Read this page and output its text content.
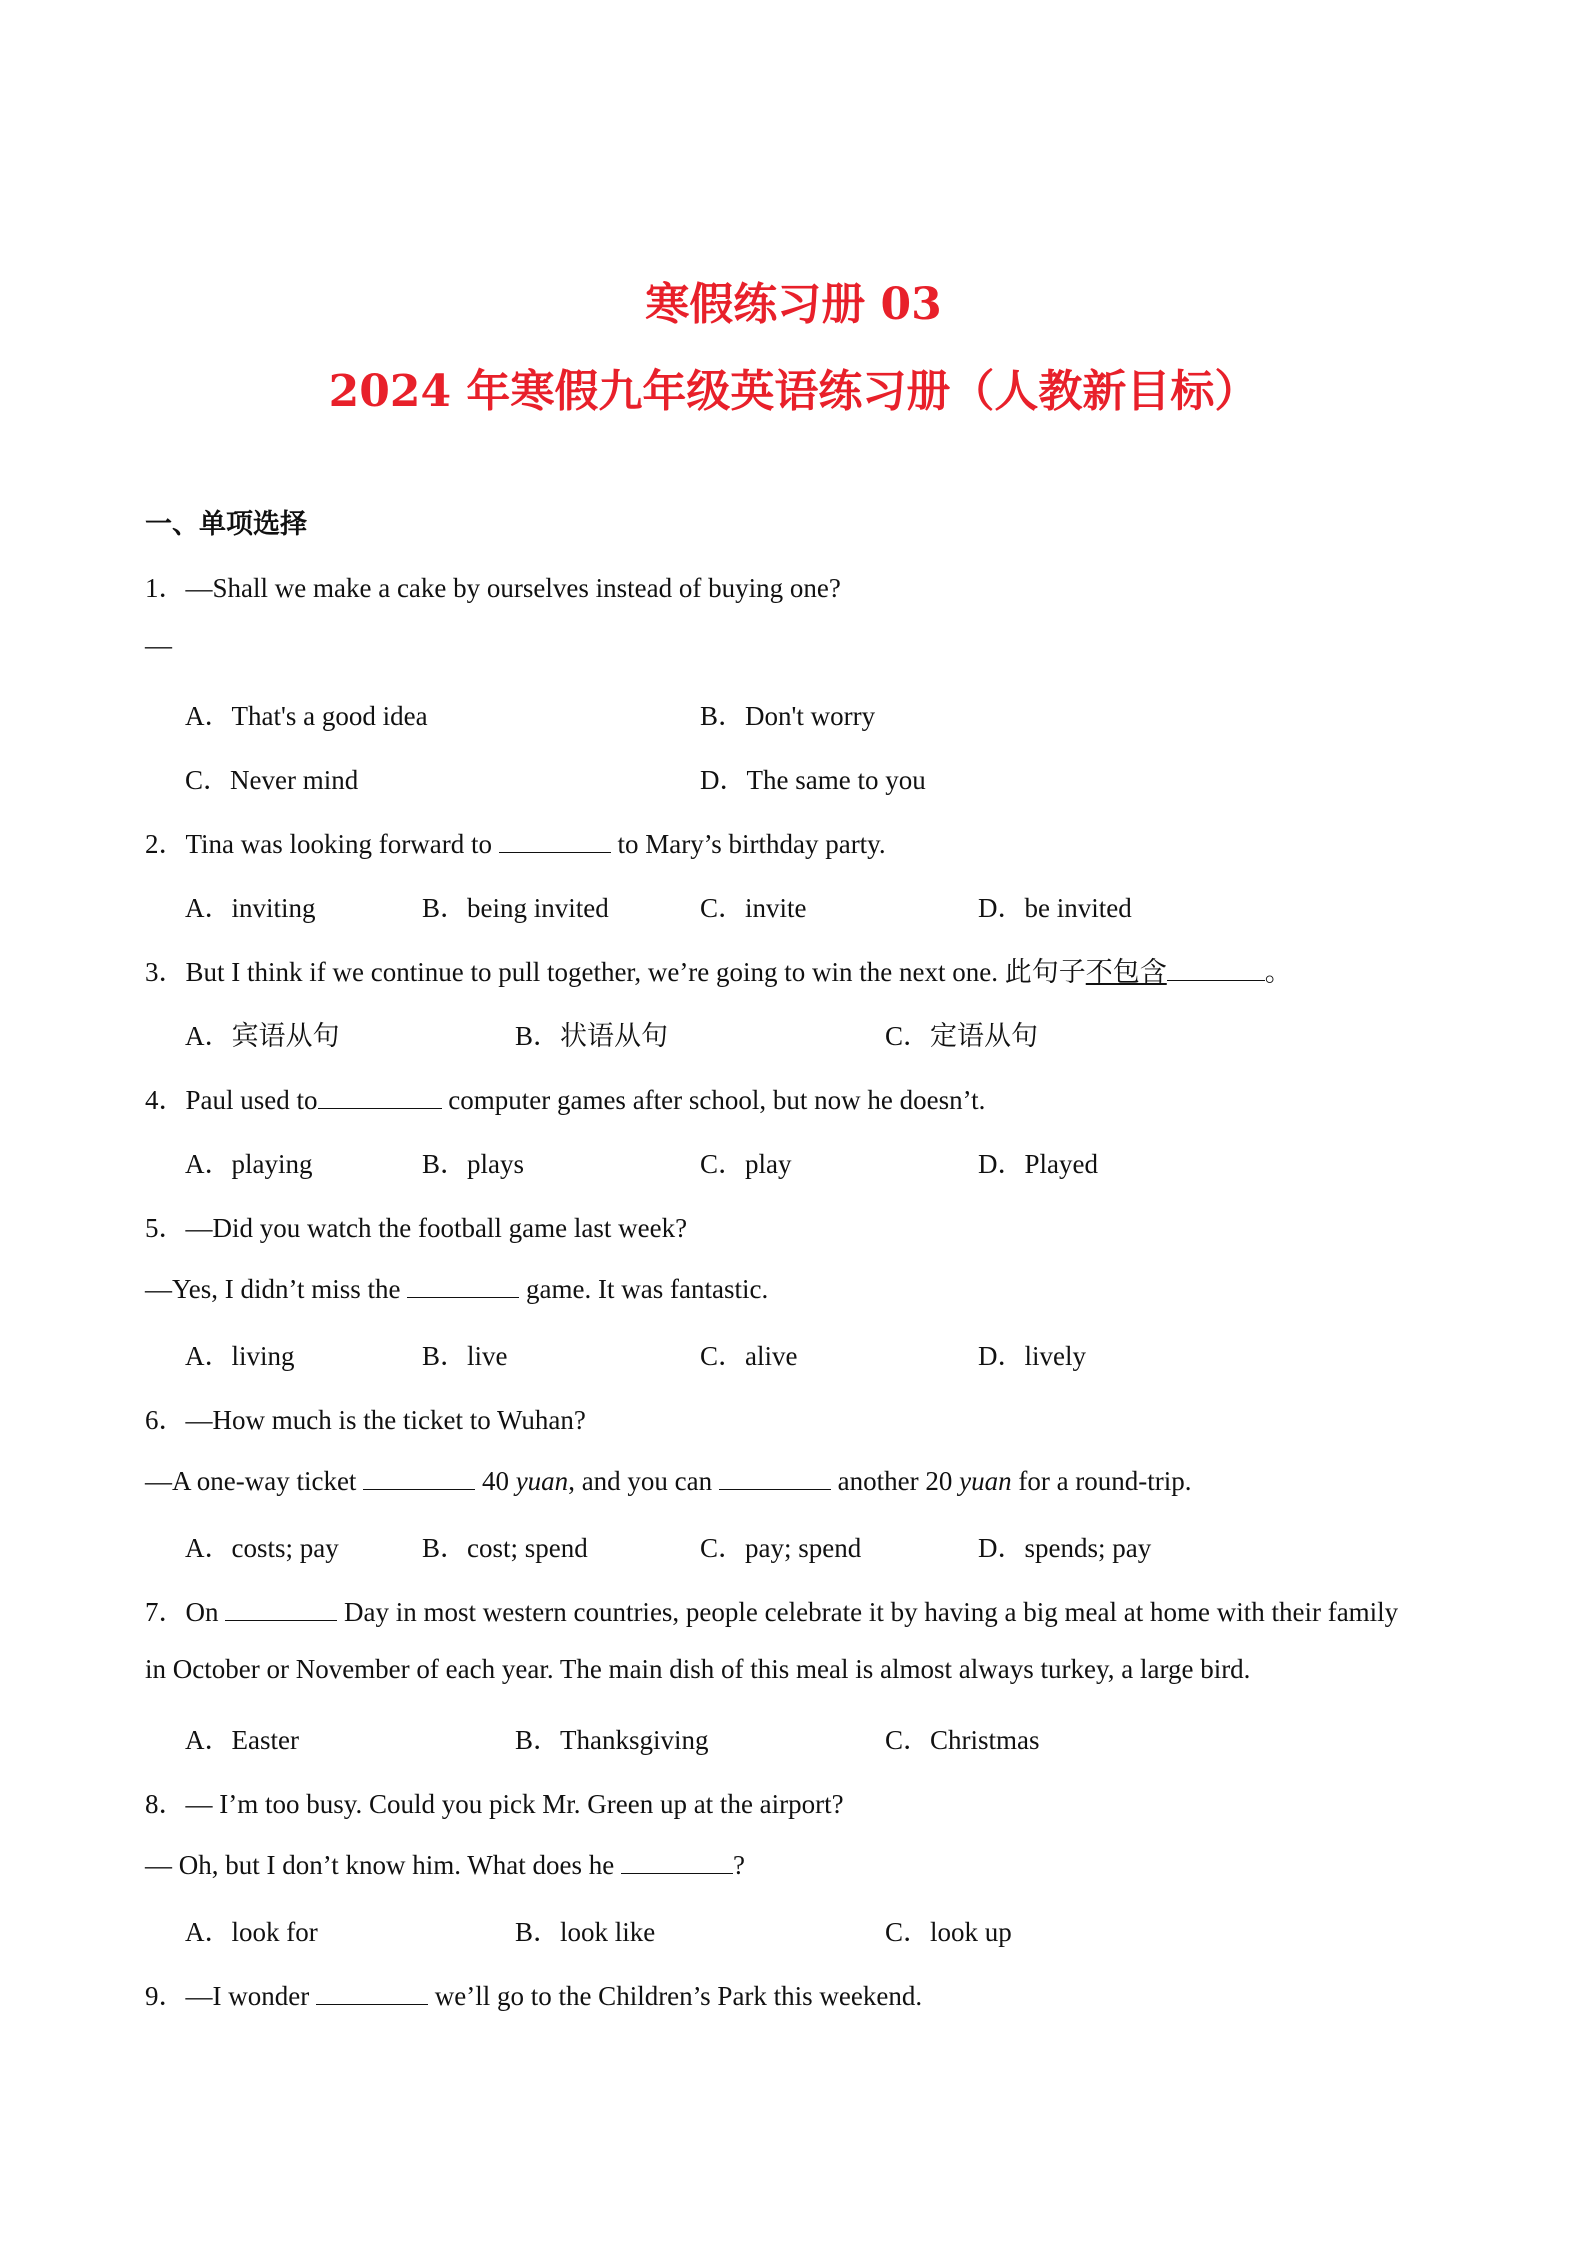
寒假练习册 03
2024 年寒假九年级英语练习册（人教新目标）

一、单项选择

1．—Shall we make a cake by ourselves instead of buying one?

—

A．That's a good idea	B．Don't worry

C．Never mind	D．The same to you

2．Tina was looking forward to	to Mary’s birthday party.

A．inviting	B．being invited	C．invite	D．be invited

3．But I think if we continue to pull together, we’re going to win the next one. 此句子不包含	。

A．宾语从句	B．状语从句	C．定语从句

4．Paul used to	computer games after school, but now he doesn’t.

A．playing	B．plays	C．play	D．Played

5．—Did you watch the football game last week?

—Yes, I didn’t miss the	game. It was fantastic.

A．living	B．live	C．alive	D．lively

6．—How much is the ticket to Wuhan?

—A one-way ticket	40 yuan, and you can	another 20 yuan for a round-trip.

A．costs; pay	B．cost; spend	C．pay; spend	D．spends; pay

7．On	Day in most western countries, people celebrate it by having a big meal at home with their family

in October or November of each year. The main dish of this meal is almost always turkey, a large bird.

A．Easter	B．Thanksgiving	C．Christmas

8．— I’m too busy. Could you pick Mr. Green up at the airport?

— Oh, but I don’t know him. What does he	?

A．look for	B．look like	C．look up

9．—I wonder	we’ll go to the Children’s Park this weekend.
